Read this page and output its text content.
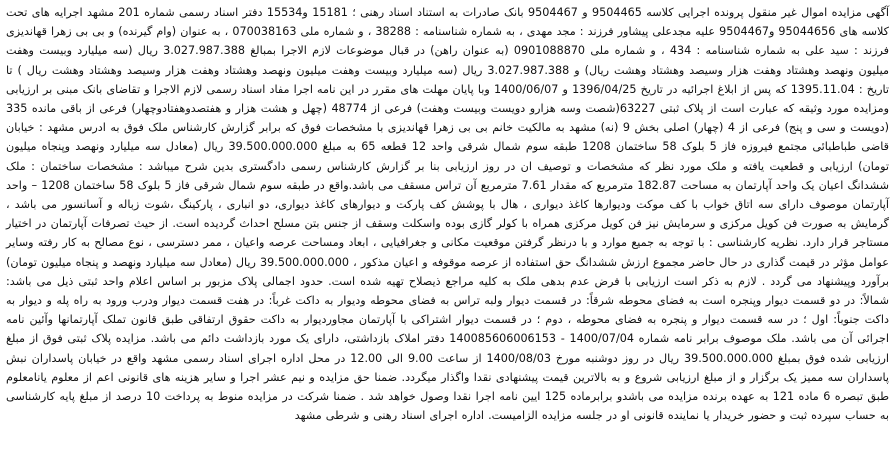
آگهی مزایده اموال غیر منقول پرونده اجرایی کلاسه 9504465 و 9504467 بانک صادرات به استناد اسناد رهنی ؛ 15181 و15534 دفتر اسناد رسمی شماره 201 مشهد اجرایه های تحت کلاسه های 95044656 و9504467 علیه مجدعلی پیشاور فرزند : مجد مهدی ، به شماره شناسنامه : 38288 ، و شماره ملی 070038163 ، به عنوان (وام گیرنده) و بی بی زهرا قهاندیزی فرزند : سید علی به شماره شناسنامه : 434 ، و شماره ملی 0901088870 (به عنوان راهن) در قبال موضوعات لازم الاجرا بمبالغ 3.027.987.388 ریال (سه میلیارد وبیست وهفت میلیون ونهصد وهشتاد وهفت هزار وسیصد وهشتاد وهشت ریال) و 3.027.987.388 ریال (سه میلیارد وبیست وهفت میلیون ونهصد وهشتاد وهفت هزار وسیصد وهشتاد وهشت ریال ) تا تاریخ : 1395.11.04 که پس از ابلاغ اجرائیه در تاریخ 1396/04/25 و 1400/06/07 وبا پایان مهلت های مقرر در این نامه اجرا مفاد اسناد رسمی لازم الاجرا و تقاضای بانک مبنی بر ارزیابی ومزایده مورد وثیقه که عبارت است از پلاک ثبتی 63227(شصت وسه هزارو دویست وبیست وهفت) فرعی از 48774 (چهل و هشت هزار و هفتصدوهفتادوچهار) فرعی از باقی مانده 335 (دویست و سی و پنج) فرعی از 4 (چهار) اصلی بخش 9 (نه) مشهد به مالکیت خانم بی بی زهرا قهاندیزی با مشخصات فوق که برابر گزارش کارشناس ملک فوق به ادرس مشهد : خیابان قاضی طباطبائی مجتمع فیروزه فاز 5 بلوک 58 ساختمان 1208 طبقه سوم شمال شرقی واحد 12 قطعه 65 به مبلغ 39.500.000.000 ریال (معادل سه میلیارد ونهصد وپنجاه میلیون تومان) ارزیابی و قطعیت یافته و ملک مورد نظر که مشخصات و توصیف ان در روز ارزیابی بنا بر گزارش کارشناس رسمی دادگستری بدین شرح میباشد : مشخصات ساختمان : ملک ششدانگ اعیان یک واحد آپارتمان به مساحت 182.87 مترمربع که مقدار 7.61 مترمربع آن تراس مسقف می باشد.واقع در طبقه سوم شمال شرقی فاز 5 بلوک 58 ساختمان 1208 – واحد آپارتمان موصوف دارای سه اتاق خواب با کف موکت ودیوارها کاغذ دیواری ، هال با پوشش کف پارکت و دیوارهای کاغذ دیواری، دو انباری ، پارکینگ ،شوت زباله و آسانسور می باشد ، گرمایش به صورت فن کویل مرکزی و سرمایش نیز فن کویل مرکزی همراه با کولر گازی بوده واسکلت وسقف از جنس بتن مسلح احداث گردیده است. از حیث تصرفات آپارتمان در اختیار مستاجر قرار دارد. نظریه کارشناسی : با توجه به جمیع موارد و با درنظر گرفتن موقعیت مکانی و جغرافیایی ، ابعاد ومساحت عرصه واعیان ، ممر دسترسی ، نوع مصالح به کار رفته وسایر عوامل مؤثر در قیمت گذاری در حال حاضر مجموع ارزش ششدانگ حق استفاده از عرصه موقوفه و اعیان مذکور ، 39.500.000.000 ریال (معادل سه میلیارد ونهصد و پنجاه میلیون تومان) برآورد وپیشنهاد می گردد . لازم به ذکر است ارزیابی با فرض عدم بدهی ملک به کلیه مراجع ذیصلاح تهیه شده است. حدود اجمالی پلاک مزبور بر اساس اعلام واحد ثبتی ذیل می باشد: شمالاً: در دو قسمت دیوار وپنجره است به فضای محوطه شرقاً: در قسمت دیوار ولبه تراس به فضای محوطه ودیوار به داکت غرباً: در هفت قسمت دیوار ودرب ورود به راه پله و دیوار به داکت جنوباً: اول ؛ در سه قسمت دیوار و پنجره به فضای محوطه ، دوم ؛ در قسمت دیوار اشتراکی با آپارتمان مجاوردیوار به داکت حقوق ارتفاقی طبق قانون تملک آپارتمانها وآئین نامه اجرائی آن می باشد. ملک موصوف برابر نامه شماره 1400/07/04 - 140085606006153 دفتر املاک بازداشتی، دارای یک مورد بازداشت دائم می باشد. مزایده پلاک ثبتی فوق از مبلغ ارزیابی شده فوق بمبلغ 39.500.000.000 ریال در روز دوشنبه مورخ 1400/08/03 از ساعت 9.00 الی 12.00 در محل اداره اجرای اسناد رسمی مشهد واقع در خیابان پاسداران نبش پاسداران سه ممیز یک برگزار و از مبلغ ارزیابی شروع و به بالاترین قیمت پیشنهادی نقدا واگذار میگردد. ضمنا حق مزایده و نیم عشر اجرا و سایر هزینه های قانونی اعم از معلوم یانامعلوم طبق تبصره 6 ماده 121 به عهده برنده مزایده می باشدو برابرماده 125 ایین نامه اجرا نقدا وصول خواهد شد . ضمنا شرکت در مزایده منوط به پرداخت 10 درصد از مبلغ پایه کارشناسی به حساب سپرده ثبت و حضور خریدار یا نماینده قانونی او در جلسه مزایده الزامیست. اداره اجرای اسناد رهنی و شرطی مشهد
